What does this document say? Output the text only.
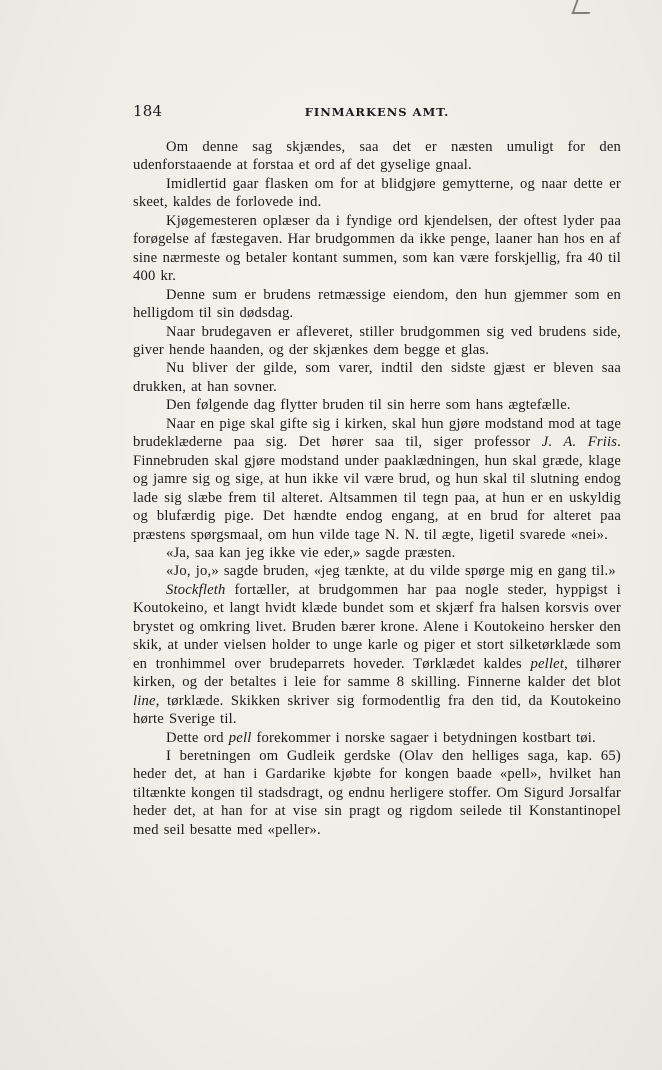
184	FINMARKENS AMT.

Om denne sag skjændes, saa det er næsten umuligt for den udenforstaaende at forstaa et ord af det gyselige gnaal.

Imidlertid gaar flasken om for at blidgjøre gemytterne, og naar dette er skeet, kaldes de forlovede ind.

Kjøgemesteren oplæser da i fyndige ord kjendelsen, der oftest lyder paa forøgelse af fæstegaven. Har brudgommen da ikke penge, laaner han hos en af sine nærmeste og betaler kontant summen, som kan være forskjellig, fra 40 til 400 kr.

Denne sum er brudens retmæssige eiendom, den hun gjemmer som en helligdom til sin dødsdag.

Naar brudegaven er afleveret, stiller brudgommen sig ved brudens side, giver hende haanden, og der skjænkes dem begge et glas.

Nu bliver der gilde, som varer, indtil den sidste gjæst er bleven saa drukken, at han sovner.

Den følgende dag flytter bruden til sin herre som hans ægtefælle.

Naar en pige skal gifte sig i kirken, skal hun gjøre modstand mod at tage brudeklæderne paa sig. Det hører saa til, siger professor J. A. Friis. Finnebruden skal gjøre modstand under paaklædningen, hun skal græde, klage og jamre sig og sige, at hun ikke vil være brud, og hun skal til slutning endog lade sig slæbe frem til alteret. Altsammen til tegn paa, at hun er en uskyldig og blufærdig pige. Det hændte endog engang, at en brud for alteret paa præstens spørgsmaal, om hun vilde tage N. N. til ægte, ligetil svarede «nei».

«Ja, saa kan jeg ikke vie eder,» sagde præsten.

«Jo, jo,» sagde bruden, «jeg tænkte, at du vilde spørge mig en gang til.»

Stockfleth fortæller, at brudgommen har paa nogle steder, hyppigst i Koutokeino, et langt hvidt klæde bundet som et skjærf fra halsen korsvis over brystet og omkring livet. Bruden bærer krone. Alene i Koutokeino hersker den skik, at under vielsen holder to unge karle og piger et stort silketørklæde som en tronhimmel over brudeparrets hoveder. Tørklædet kaldes pellet, tilhører kirken, og der betaltes i leie for samme 8 skilling. Finnerne kalder det blot line, tørklæde. Skikken skriver sig formodentlig fra den tid, da Koutokeino hørte Sverige til.

Dette ord pell forekommer i norske sagaer i betydningen kostbart tøi.

I beretningen om Gudleik gerdske (Olav den helliges saga, kap. 65) heder det, at han i Gardarike kjøbte for kongen baade «pell», hvilket han tiltænkte kongen til stadsdragt, og endnu herligere stoffer. Om Sigurd Jorsalfar heder det, at han for at vise sin pragt og rigdom seilede til Konstantinopel med seil besatte med «peller».
